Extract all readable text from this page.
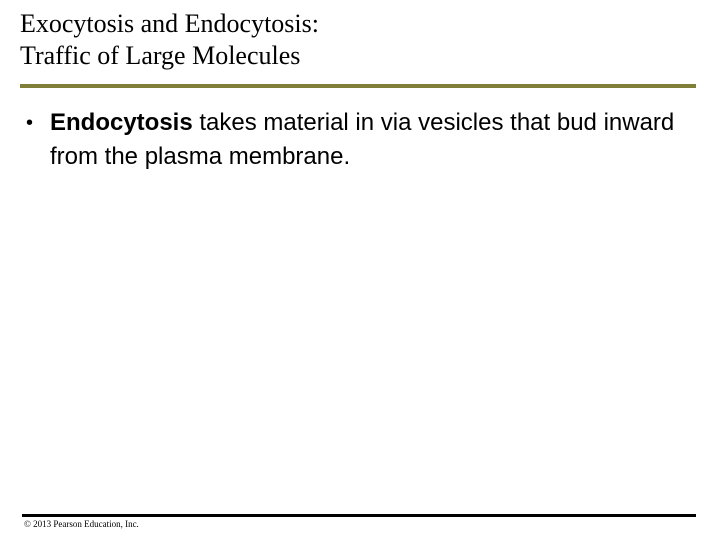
Exocytosis and Endocytosis:
Traffic of Large Molecules
• Endocytosis takes material in via vesicles that bud inward from the plasma membrane.
© 2013 Pearson Education, Inc.
